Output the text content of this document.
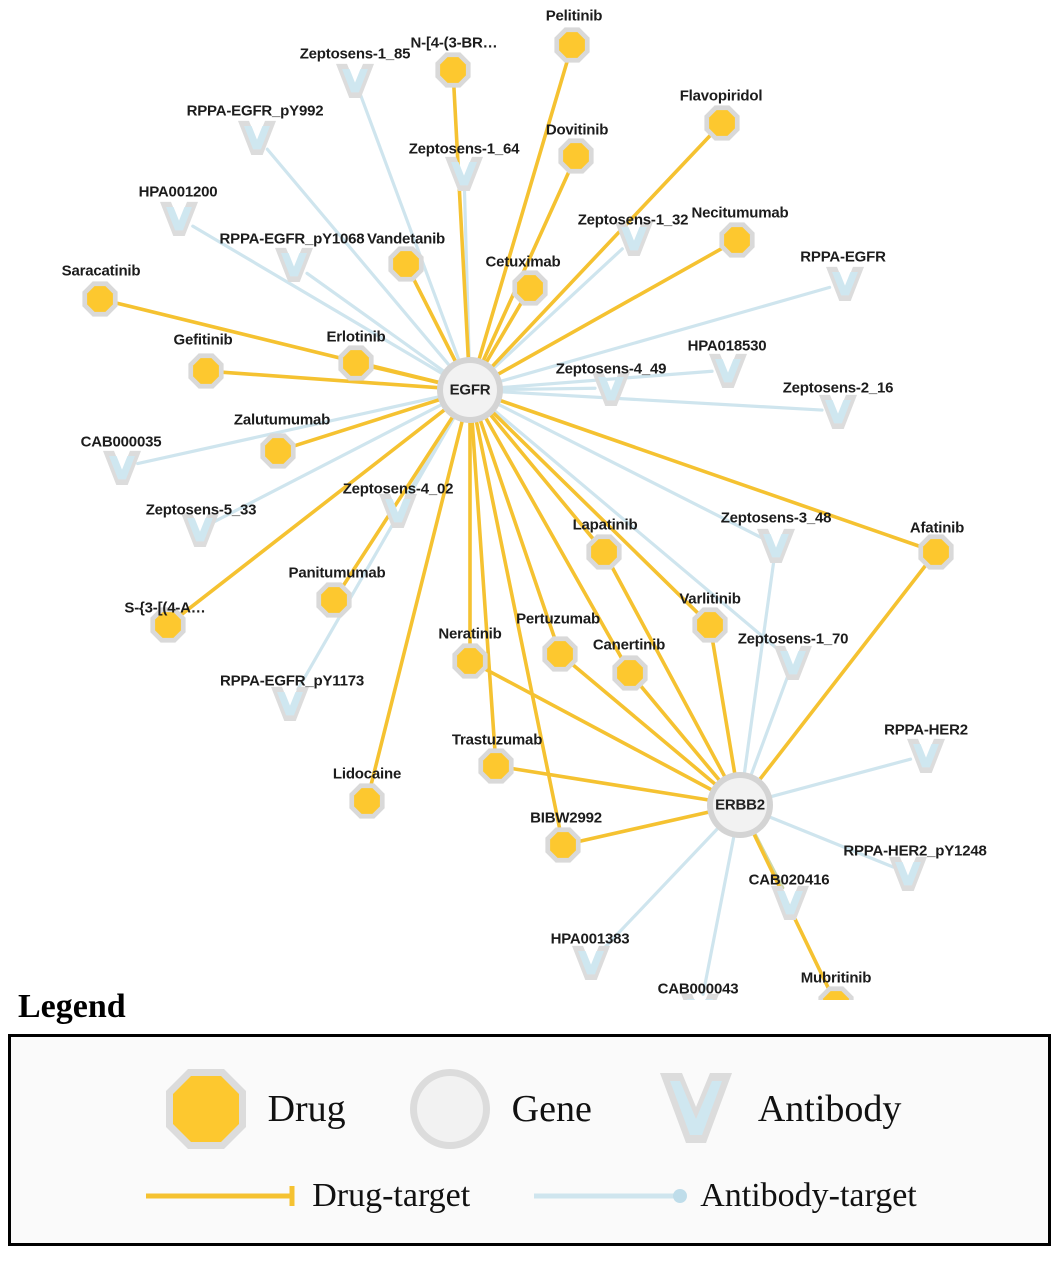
Pelitinib
N-[4-(3-BR…
Flavopiridol
Dovitinib
Necitumumab
Vandetanib
Cetuximab
Saracatinib
Erlotinib
Gefitinib
Zalutumumab
Lapatinib	Afatinib
Panitumumab
Varlitinib
S-{3-[(4-A…
Pertuzumab
Neratinib
Canertinib
Trastuzumab
Lidocaine
BIBW2992
Mubritinib
Zeptosens-1_85
RPPA-EGFR_pY992
Zeptosens-1_64
HPA001200
Zeptosens-1_32
RPPA-EGFR_pY1068
RPPA-EGFR
HPA018530
Zeptosens-4_49
Zeptosens-2_16
CAB000035
Zeptosens-4_02
Zeptosens-5_33	Zeptosens-3_48
Zeptosens-1_70
RPPA-EGFR_pY1173
RPPA-HER2
RPPA-HER2_pY1248
CAB020416
HPA001383
CAB000043
EGFR
ERBB2
Legend
Drug	Gene	Antibody
Drug-target	Antibody-target
